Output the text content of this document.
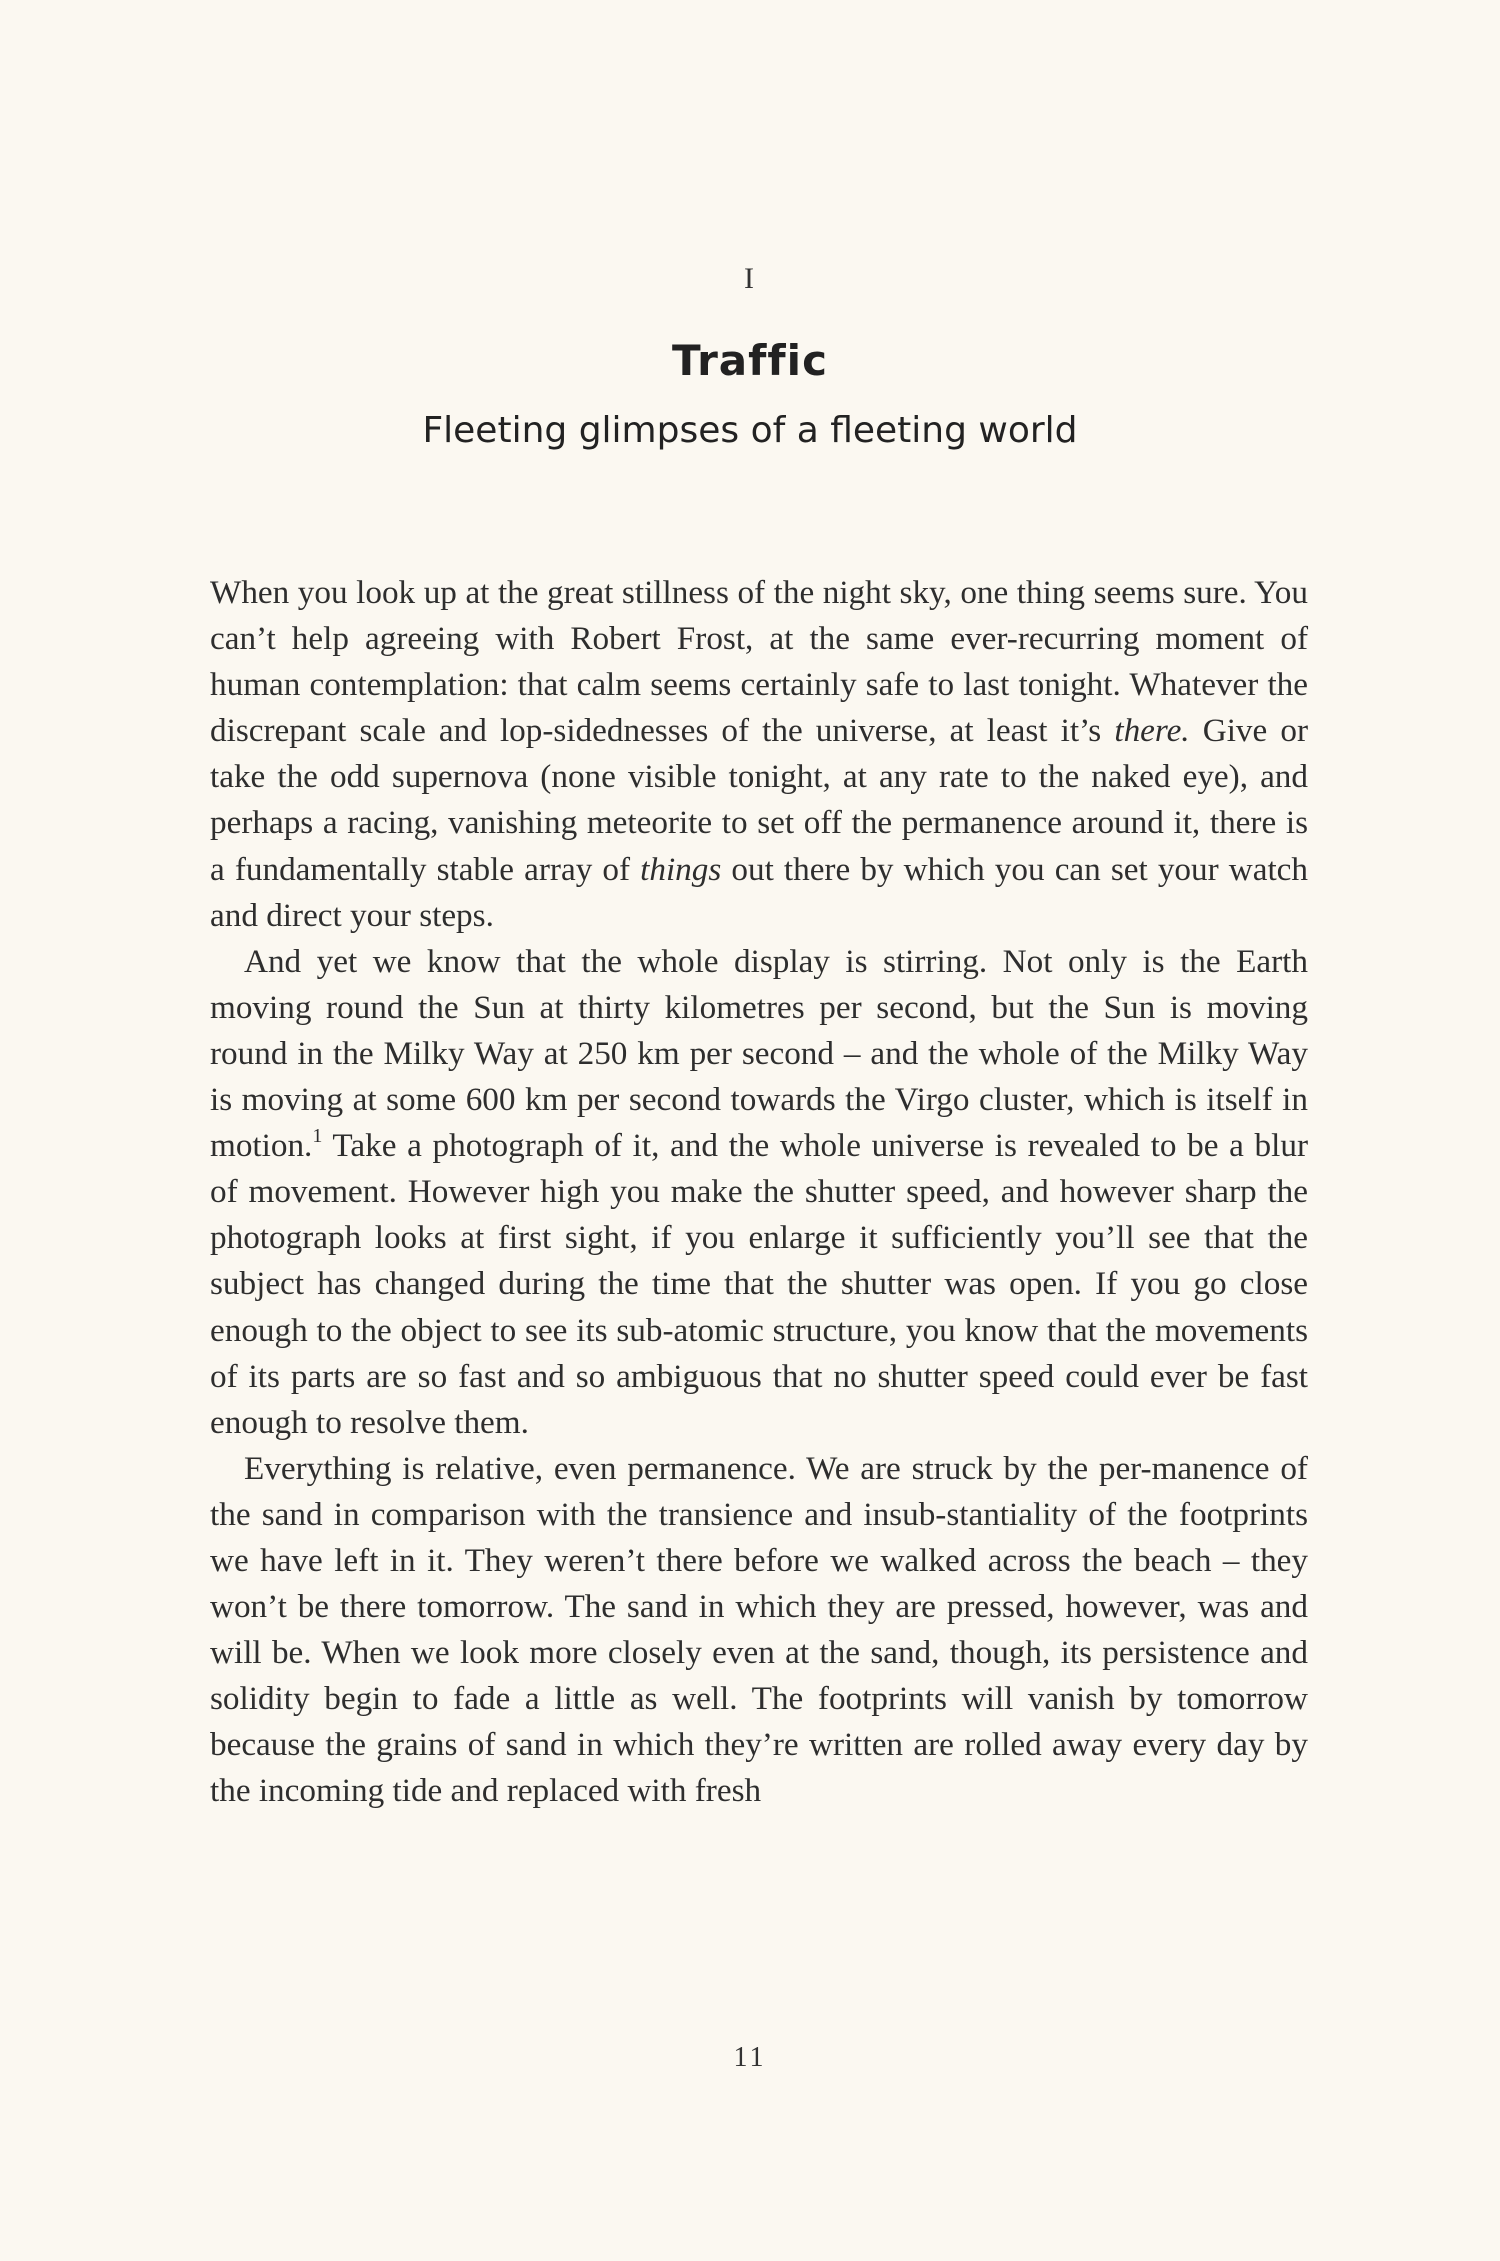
I
Traffic
Fleeting glimpses of a fleeting world

When you look up at the great stillness of the night sky, one thing seems sure. You can’t help agreeing with Robert Frost, at the same ever-recurring moment of human contemplation: that calm seems certainly safe to last tonight. Whatever the discrepant scale and lop-sidednesses of the universe, at least it’s there. Give or take the odd supernova (none visible tonight, at any rate to the naked eye), and perhaps a racing, vanishing meteorite to set off the permanence around it, there is a fundamentally stable array of things out there by which you can set your watch and direct your steps.

And yet we know that the whole display is stirring. Not only is the Earth moving round the Sun at thirty kilometres per second, but the Sun is moving round in the Milky Way at 250 km per second – and the whole of the Milky Way is moving at some 600 km per second towards the Virgo cluster, which is itself in motion.$^1$ Take a photograph of it, and the whole universe is revealed to be a blur of movement. However high you make the shutter speed, and however sharp the photograph looks at first sight, if you enlarge it sufficiently you’ll see that the subject has changed during the time that the shutter was open. If you go close enough to the object to see its sub-atomic structure, you know that the movements of its parts are so fast and so ambiguous that no shutter speed could ever be fast enough to resolve them.

Everything is relative, even permanence. We are struck by the per-manence of the sand in comparison with the transience and insub-stantiality of the footprints we have left in it. They weren’t there before we walked across the beach – they won’t be there tomorrow. The sand in which they are pressed, however, was and will be. When we look more closely even at the sand, though, its persistence and solidity begin to fade a little as well. The footprints will vanish by tomorrow because the grains of sand in which they’re written are rolled away every day by the incoming tide and replaced with fresh

11
